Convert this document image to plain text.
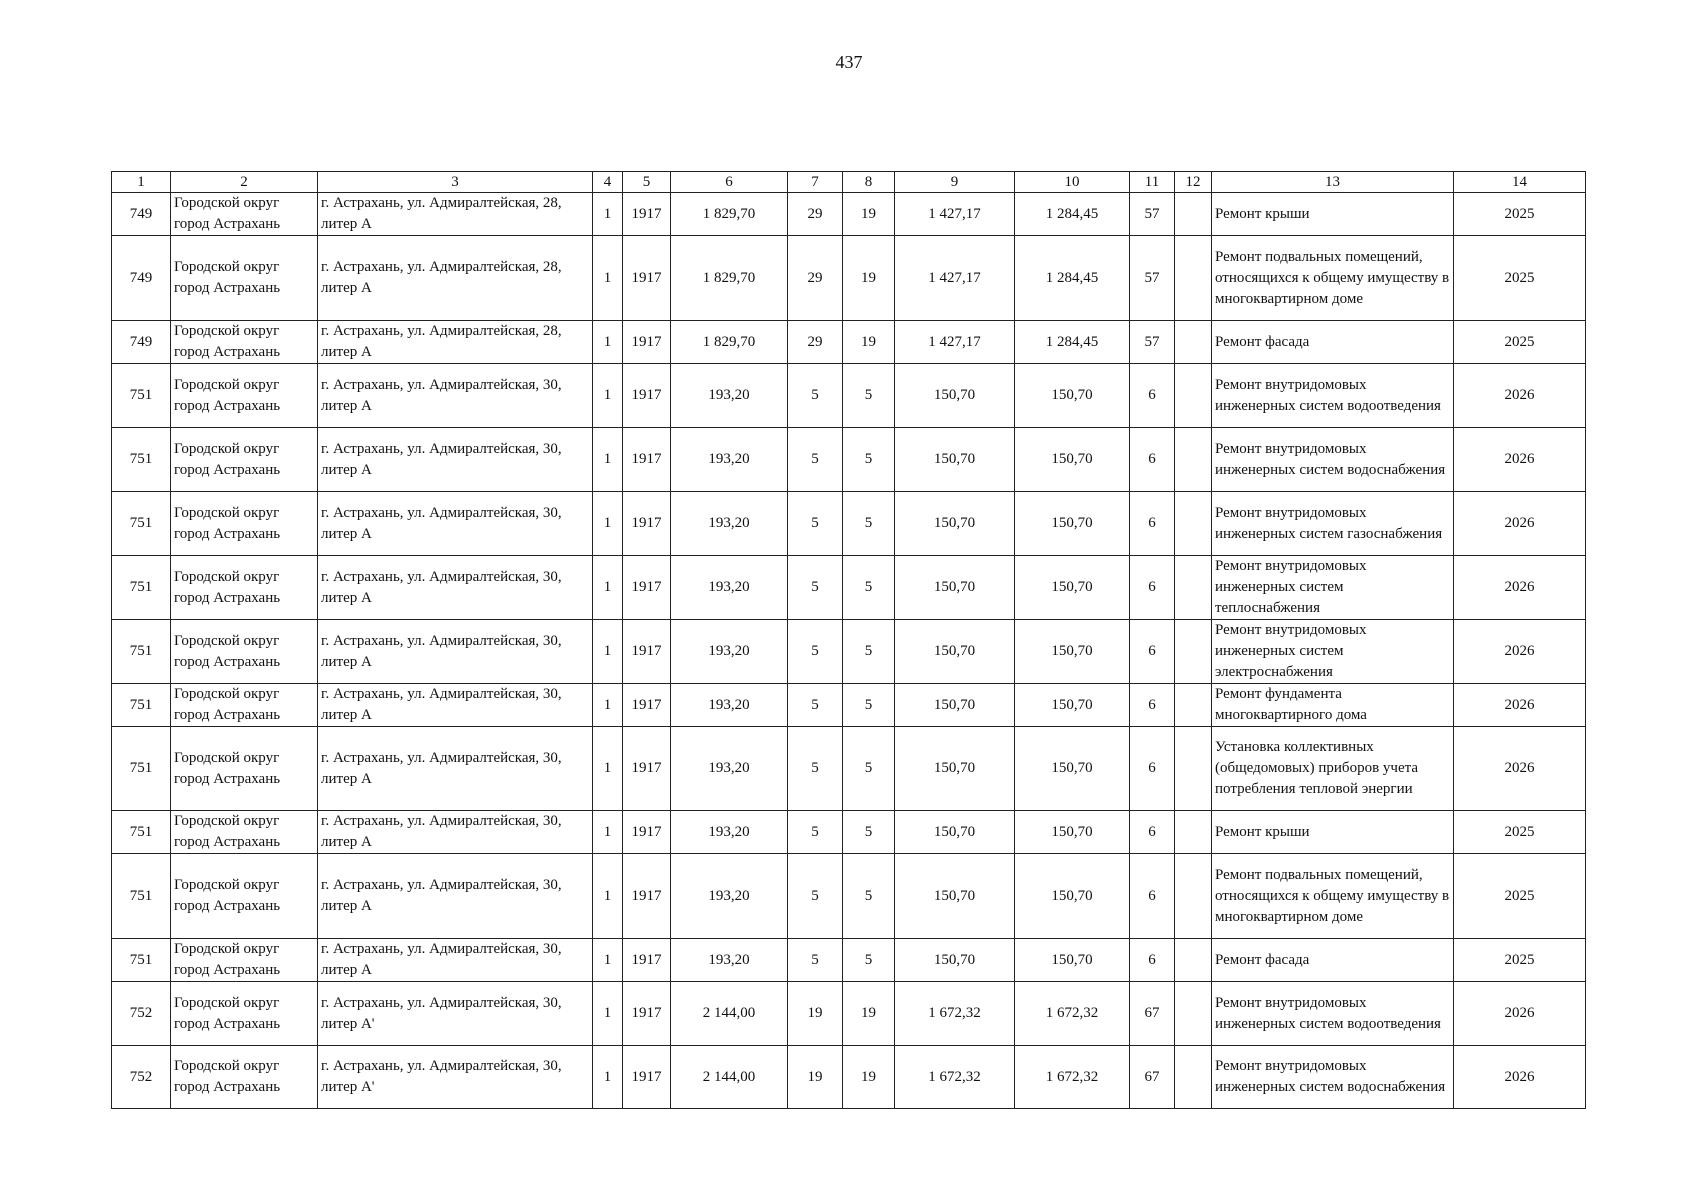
437
1	2	3	4	5	6	7	8	9	10	11	12	13	14
749	Городской округ город Астрахань	г. Астрахань, ул. Адмиралтейская, 28, литер А	1	1917	1 829,70	29	19	1 427,17	1 284,45	57		Ремонт крыши	2025
749	Городской округ город Астрахань	г. Астрахань, ул. Адмиралтейская, 28, литер А	1	1917	1 829,70	29	19	1 427,17	1 284,45	57		Ремонт подвальных помещений, относящихся к общему имуществу в многоквартирном доме	2025
749	Городской округ город Астрахань	г. Астрахань, ул. Адмиралтейская, 28, литер А	1	1917	1 829,70	29	19	1 427,17	1 284,45	57		Ремонт фасада	2025
751	Городской округ город Астрахань	г. Астрахань, ул. Адмиралтейская, 30, литер А	1	1917	193,20	5	5	150,70	150,70	6		Ремонт внутридомовых инженерных систем водоотведения	2026
751	Городской округ город Астрахань	г. Астрахань, ул. Адмиралтейская, 30, литер А	1	1917	193,20	5	5	150,70	150,70	6		Ремонт внутридомовых инженерных систем водоснабжения	2026
751	Городской округ город Астрахань	г. Астрахань, ул. Адмиралтейская, 30, литер А	1	1917	193,20	5	5	150,70	150,70	6		Ремонт внутридомовых инженерных систем газоснабжения	2026
751	Городской округ город Астрахань	г. Астрахань, ул. Адмиралтейская, 30, литер А	1	1917	193,20	5	5	150,70	150,70	6		Ремонт внутридомовых инженерных систем теплоснабжения	2026
751	Городской округ город Астрахань	г. Астрахань, ул. Адмиралтейская, 30, литер А	1	1917	193,20	5	5	150,70	150,70	6		Ремонт внутридомовых инженерных систем электроснабжения	2026
751	Городской округ город Астрахань	г. Астрахань, ул. Адмиралтейская, 30, литер А	1	1917	193,20	5	5	150,70	150,70	6		Ремонт фундамента многоквартирного дома	2026
751	Городской округ город Астрахань	г. Астрахань, ул. Адмиралтейская, 30, литер А	1	1917	193,20	5	5	150,70	150,70	6		Установка коллективных (общедомовых) приборов учета потребления тепловой энергии	2026
751	Городской округ город Астрахань	г. Астрахань, ул. Адмиралтейская, 30, литер А	1	1917	193,20	5	5	150,70	150,70	6		Ремонт крыши	2025
751	Городской округ город Астрахань	г. Астрахань, ул. Адмиралтейская, 30, литер А	1	1917	193,20	5	5	150,70	150,70	6		Ремонт подвальных помещений, относящихся к общему имуществу в многоквартирном доме	2025
751	Городской округ город Астрахань	г. Астрахань, ул. Адмиралтейская, 30, литер А	1	1917	193,20	5	5	150,70	150,70	6		Ремонт фасада	2025
752	Городской округ город Астрахань	г. Астрахань, ул. Адмиралтейская, 30, литер А'	1	1917	2 144,00	19	19	1 672,32	1 672,32	67		Ремонт внутридомовых инженерных систем водоотведения	2026
752	Городской округ город Астрахань	г. Астрахань, ул. Адмиралтейская, 30, литер А'	1	1917	2 144,00	19	19	1 672,32	1 672,32	67		Ремонт внутридомовых инженерных систем водоснабжения	2026
